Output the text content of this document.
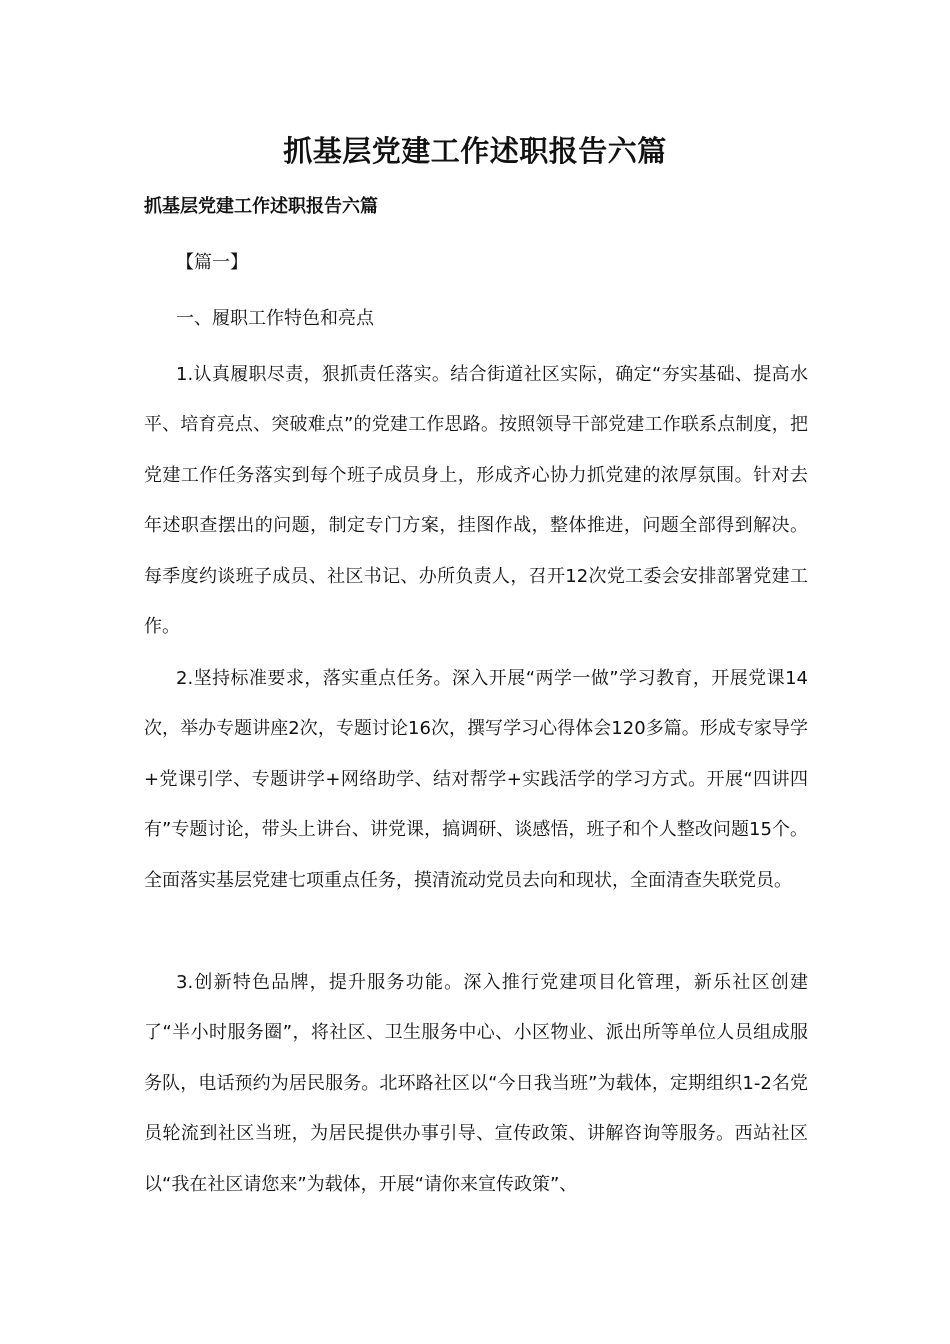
抓基层党建工作述职报告六篇
抓基层党建工作述职报告六篇
【篇一】
一、履职工作特色和亮点
1.认真履职尽责，狠抓责任落实。结合街道社区实际，确定“夯实基础、提高水平、培育亮点、突破难点”的党建工作思路。按照领导干部党建工作联系点制度，把党建工作任务落实到每个班子成员身上，形成齐心协力抓党建的浓厚氛围。针对去年述职查摆出的问题，制定专门方案，挂图作战，整体推进，问题全部得到解决。每季度约谈班子成员、社区书记、办所负责人，召开12次党工委会安排部署党建工作。
2.坚持标准要求，落实重点任务。深入开展“两学一做”学习教育，开展党课14次，举办专题讲座2次，专题讨论16次，撰写学习心得体会120多篇。形成专家导学+党课引学、专题讲学+网络助学、结对帮学+实践活学的学习方式。开展“四讲四有”专题讨论，带头上讲台、讲党课，搞调研、谈感悟，班子和个人整改问题15个。全面落实基层党建七项重点任务，摸清流动党员去向和现状，全面清查失联党员。
3.创新特色品牌，提升服务功能。深入推行党建项目化管理，新乐社区创建了“半小时服务圈”，将社区、卫生服务中心、小区物业、派出所等单位人员组成服务队，电话预约为居民服务。北环路社区以“今日我当班”为载体，定期组织1-2名党员轮流到社区当班，为居民提供办事引导、宣传政策、讲解咨询等服务。西站社区以“我在社区请您来”为载体，开展“请你来宣传政策”、
